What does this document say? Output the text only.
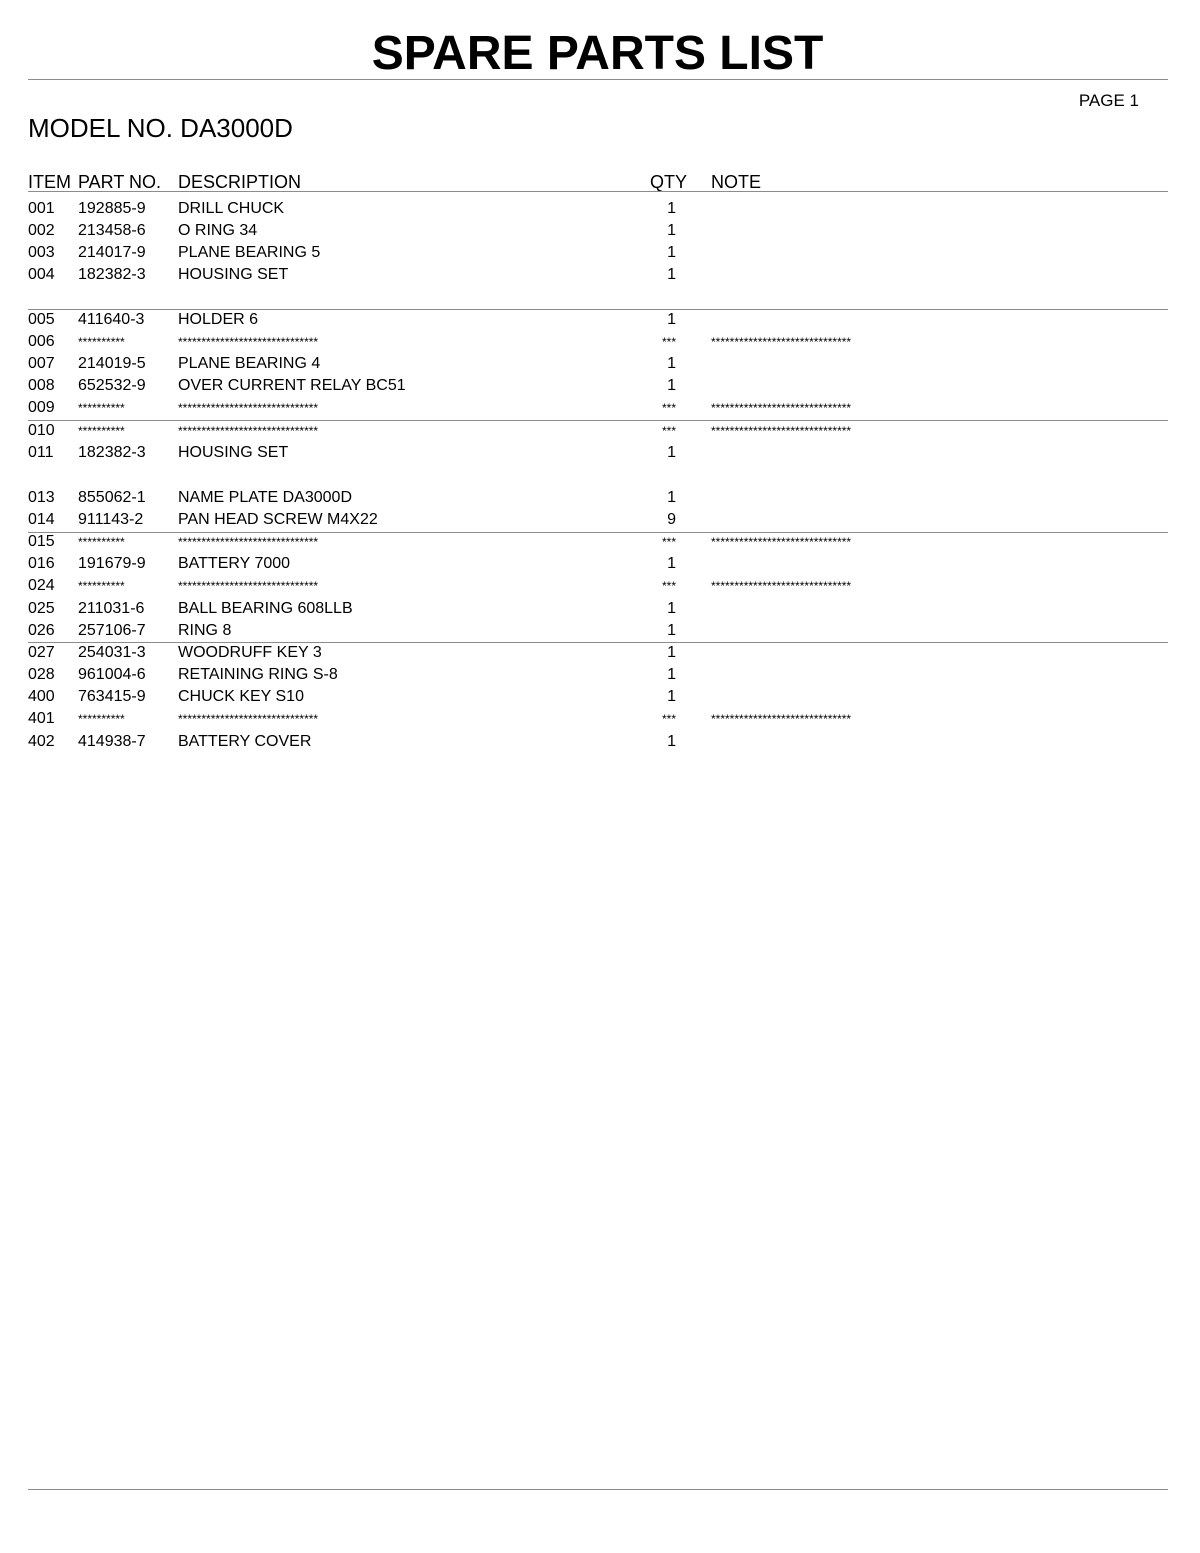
SPARE PARTS LIST
PAGE 1
MODEL NO. DA3000D
ITEM PART NO. DESCRIPTION	QTY NOTE
001 192885-9 DRILL CHUCK	1
002 213458-6 O RING 34	1
003 214017-9 PLANE BEARING 5	1
004 182382-3 HOUSING SET	1
005 411640-3 HOLDER 6	1
006 **********	******************************	***	******************************
007 214019-5 PLANE BEARING 4	1
008 652532-9 OVER CURRENT RELAY BC51	1
009 **********	******************************	***	******************************
010 **********	******************************	***	******************************
011 182382-3 HOUSING SET	1
013 855062-1 NAME PLATE DA3000D	1
014 911143-2 PAN HEAD SCREW M4X22	9
015 **********	******************************	***	******************************
016 191679-9 BATTERY 7000	1
024 **********	******************************	***	******************************
025 211031-6 BALL BEARING 608LLB	1
026 257106-7 RING 8	1
027 254031-3 WOODRUFF KEY 3	1
028 961004-6 RETAINING RING S-8	1
400 763415-9 CHUCK KEY S10	1
401 **********	******************************	***	******************************
402 414938-7 BATTERY COVER	1
